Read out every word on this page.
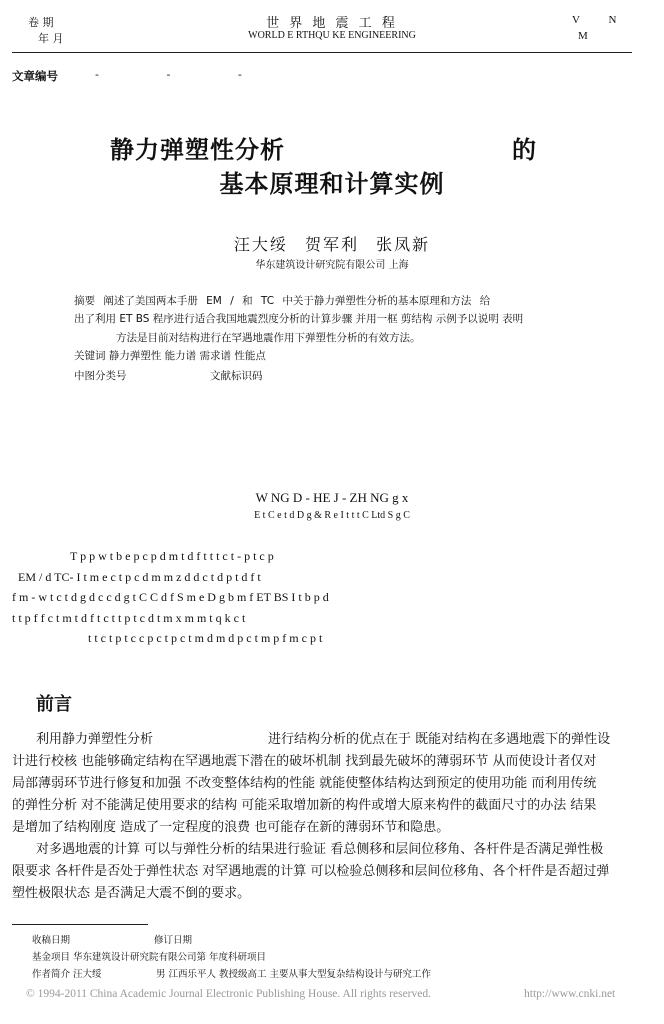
卷 期
年 月
世 界 地 震 工 程
WORLD E RTHQU KE ENGINEERING
V N
M
文章编号	- - -
静力弹塑性分析	的
基本原理和计算实例
汪大绥 贺军利 张凤新
华东建筑设计研究院有限公司 上海
摘要 阐述了美国两本手册 EM / 和 TC 中关于静力弹塑性分析的基本原理和方法 给
出了利用 ET BS 程序进行适合我国地震烈度分析的计算步骤 并用一框 剪结构 示例予以说明 表明
方法是目前对结构进行在罕遇地震作用下弹塑性分析的有效方法。
关键词 静力弹塑性 能力谱 需求谱 性能点
中图分类号	文献标识码
W NG D - HE J - ZH NG g x
E t C e t d D g & R e I t t t C Ltd S g C
T p p w t b e p c p d m t d f t t t c t - p t c p
EM / d TC- I t m e c t p c d m m z d d c t d p t d f t
f m - w t c t d g d c c d g t C C d f S m e D g b m f ET BS I t b p d
t t p f f c t m t d f t c t t p t c d t m x m m t q k c t
t t c t p t c c p c t p c t m d m d p c t m p f m c p t
前言
利用静力弹塑性分析	进行结构分析的优点在于 既能对结构在多遇地震下的弹性设
计进行校核 也能够确定结构在罕遇地震下潜在的破坏机制 找到最先破坏的薄弱环节 从而使设计者仅对
局部薄弱环节进行修复和加强 不改变整体结构的性能 就能使整体结构达到预定的使用功能 而利用传统
的弹性分析 对不能满足使用要求的结构 可能采取增加新的构件或增大原来构件的截面尺寸的办法 结果
是增加了结构刚度 造成了一定程度的浪费 也可能存在新的薄弱环节和隐患。
对多遇地震的计算 可以与弹性分析的结果进行验证 看总侧移和层间位移角、各杆件是否满足弹性极
限要求 各杆件是否处于弹性状态 对罕遇地震的计算 可以检验总侧移和层间位移角、各个杆件是否超过弹
塑性极限状态 是否满足大震不倒的要求。
收稿日期	修订日期
基金项目 华东建筑设计研究院有限公司第 年度科研项目
作者简介 汪大绥	男 江西乐平人 教授级高工 主要从事大型复杂结构设计与研究工作
© 1994-2011 China Academic Journal Electronic Publishing House. All rights reserved.	http://www.cnki.net
